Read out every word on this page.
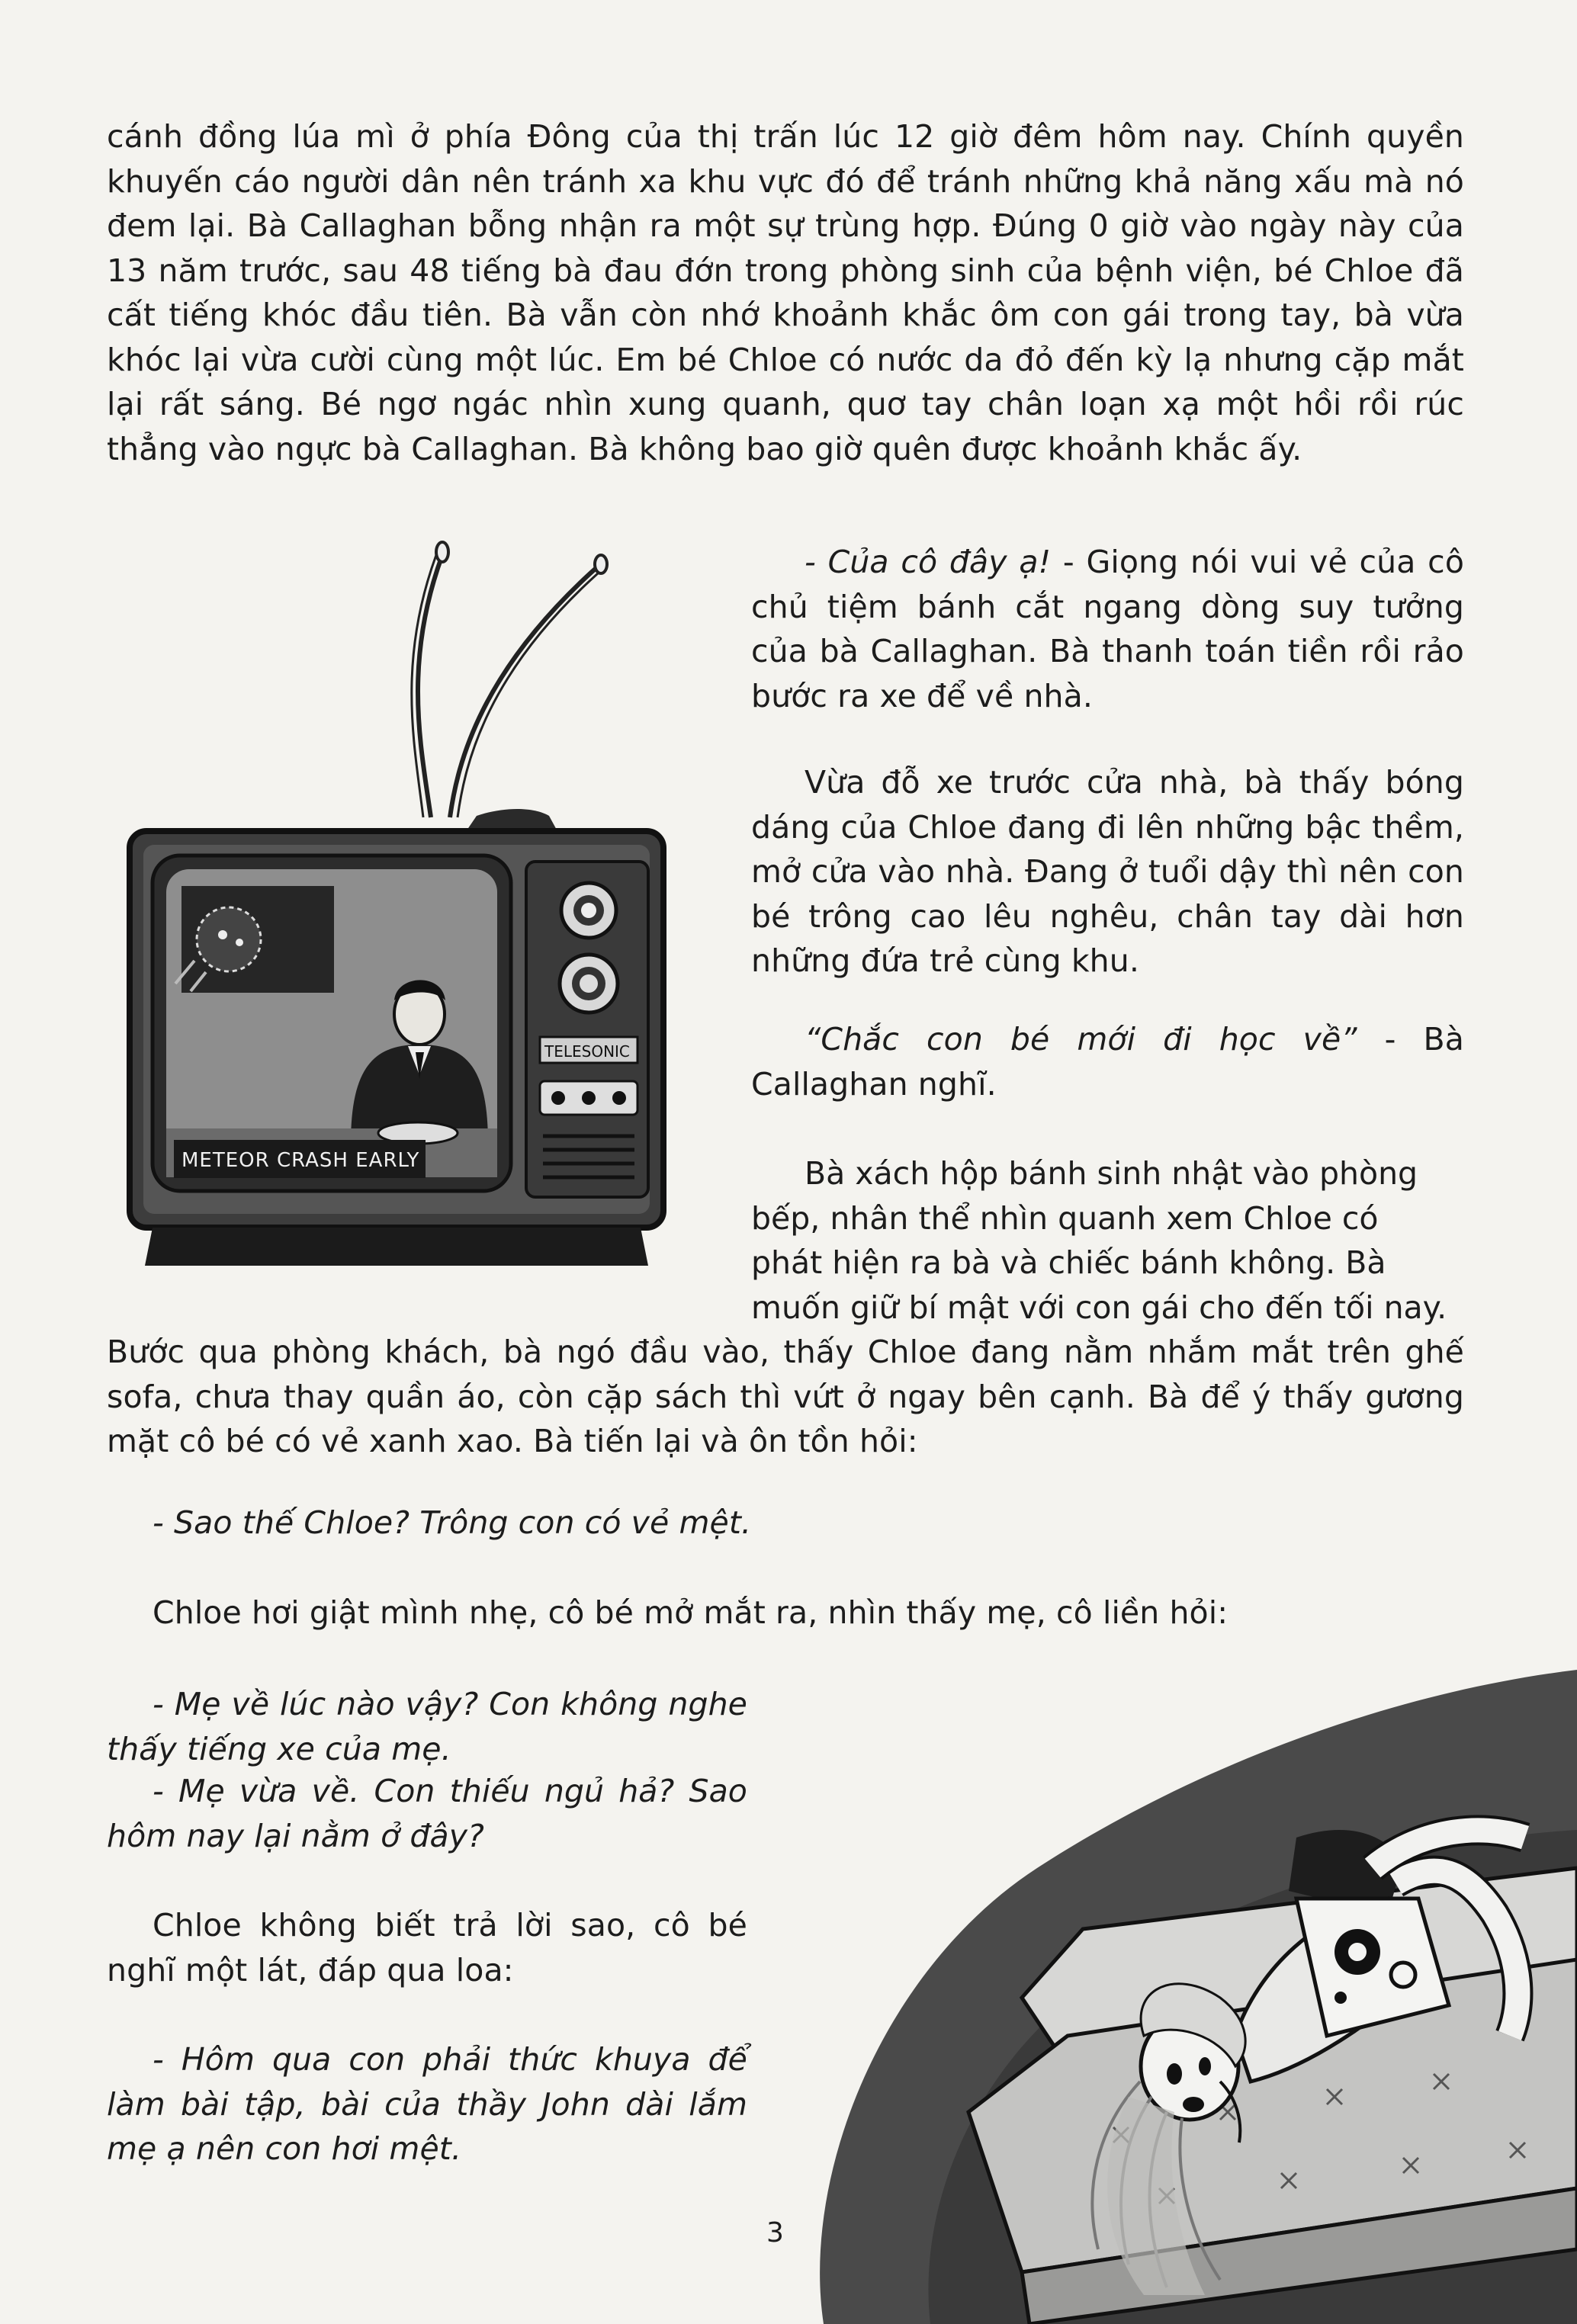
cánh đồng lúa mì ở phía Đông của thị trấn lúc 12 giờ đêm hôm nay. Chính quyền khuyến cáo người dân nên tránh xa khu vực đó để tránh những khả năng xấu mà nó đem lại. Bà Callaghan bỗng nhận ra một sự trùng hợp. Đúng 0 giờ vào ngày này của 13 năm trước, sau 48 tiếng bà đau đớn trong phòng sinh của bệnh viện, bé Chloe đã cất tiếng khóc đầu tiên. Bà vẫn còn nhớ khoảnh khắc ôm con gái trong tay, bà vừa khóc lại vừa cười cùng một lúc. Em bé Chloe có nước da đỏ đến kỳ lạ nhưng cặp mắt lại rất sáng. Bé ngơ ngác nhìn xung quanh, quơ tay chân loạn xạ một hồi rồi rúc thẳng vào ngực bà Callaghan. Bà không bao giờ quên được khoảnh khắc ấy.

METEOR CRASH EARLY
TELESONIC

- Của cô đây ạ! - Giọng nói vui vẻ của cô chủ tiệm bánh cắt ngang dòng suy tưởng của bà Callaghan. Bà thanh toán tiền rồi rảo bước ra xe để về nhà.

Vừa đỗ xe trước cửa nhà, bà thấy bóng dáng của Chloe đang đi lên những bậc thềm, mở cửa vào nhà. Đang ở tuổi dậy thì nên con bé trông cao lêu nghêu, chân tay dài hơn những đứa trẻ cùng khu.

“Chắc con bé mới đi học về” - Bà Callaghan nghĩ.

Bà xách hộp bánh sinh nhật vào phòng
bếp, nhân thể nhìn quanh xem Chloe có
phát hiện ra bà và chiếc bánh không. Bà
muốn giữ bí mật với con gái cho đến tối nay.

Bước qua phòng khách, bà ngó đầu vào, thấy Chloe đang nằm nhắm mắt trên ghế sofa, chưa thay quần áo, còn cặp sách thì vứt ở ngay bên cạnh. Bà để ý thấy gương mặt cô bé có vẻ xanh xao. Bà tiến lại và ôn tồn hỏi:

- Sao thế Chloe? Trông con có vẻ mệt.

Chloe hơi giật mình nhẹ, cô bé mở mắt ra, nhìn thấy mẹ, cô liền hỏi:

- Mẹ về lúc nào vậy? Con không nghe thấy tiếng xe của mẹ.

- Mẹ vừa về. Con thiếu ngủ hả? Sao hôm nay lại nằm ở đây?

Chloe không biết trả lời sao, cô bé nghĩ một lát, đáp qua loa:

- Hôm qua con phải thức khuya để làm bài tập, bài của thầy John dài lắm mẹ ạ nên con hơi mệt.

3
